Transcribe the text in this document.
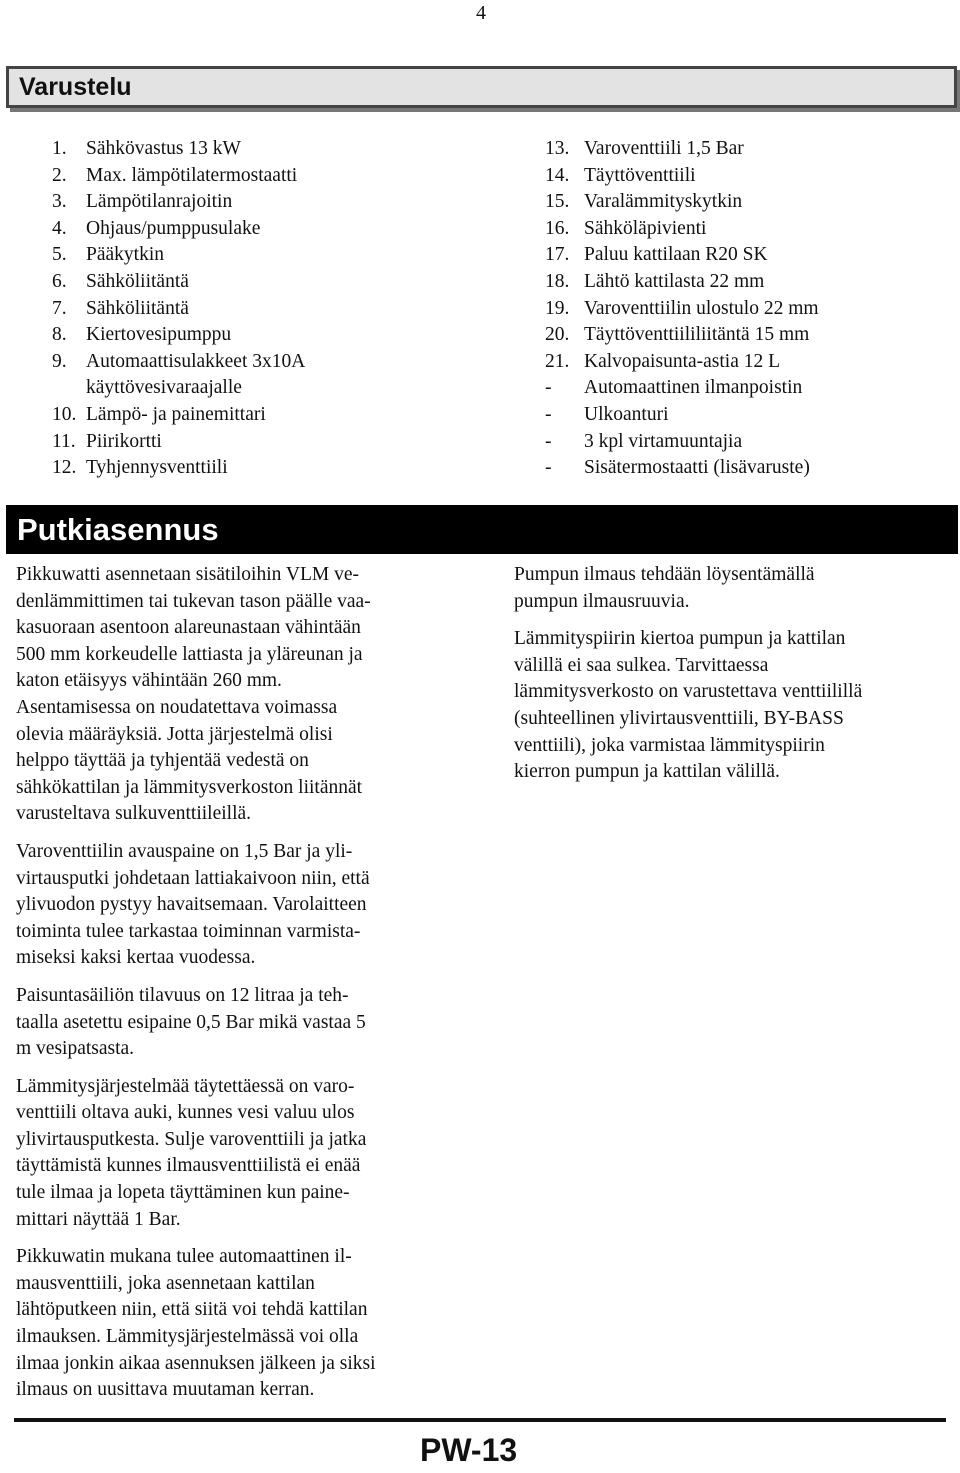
4
Varustelu
1. Sähkövastus 13 kW
2. Max. lämpötilatermostaatti
3. Lämpötilanrajoitin
4. Ohjaus/pumppusulake
5. Pääkytkin
6. Sähköliitäntä
7. Sähköliitäntä
8. Kiertovesipumppu
9. Automaattisulakkeet 3x10A
käyttövesivaraajalle
10. Lämpö- ja painemittari
11. Piirikortti
12. Tyhjennysventtiili
13. Varoventtiili 1,5 Bar
14. Täyttöventtiili
15. Varalämmityskytkin
16. Sähköläpivienti
17. Paluu kattilaan R20 SK
18. Lähtö kattilasta 22 mm
19. Varoventtiilin ulostulo 22 mm
20. Täyttöventtiililiitäntä 15 mm
21. Kalvopaisunta-astia 12 L
- Automaattinen ilmanpoistin
- Ulkoanturi
- 3 kpl virtamuuntajia
- Sisätermostaatti (lisävaruste)
Putkiasennus

Pikkuwatti asennetaan sisätiloihin VLM ve-
denlämmittimen tai tukevan tason päälle vaa-
kasuoraan asentoon alareunastaan vähintään
500 mm korkeudelle lattiasta ja yläreunan ja
katon etäisyys vähintään 260 mm.
Asentamisessa on noudatettava voimassa
olevia määräyksiä. Jotta järjestelmä olisi
helppo täyttää ja tyhjentää vedestä on
sähkökattilan ja lämmitysverkoston liitännät
varusteltava sulkuventtiileillä.

Varoventtiilin avauspaine on 1,5 Bar ja yli-
virtausputki johdetaan lattiakaivoon niin, että
ylivuodon pystyy havaitsemaan. Varolaitteen
toiminta tulee tarkastaa toiminnan varmista-
miseksi kaksi kertaa vuodessa.

Paisuntasäiliön tilavuus on 12 litraa ja teh-
taalla asetettu esipaine 0,5 Bar mikä vastaa 5
m vesipatsasta.

Lämmitysjärjestelmää täytettäessä on varo-
venttiili oltava auki, kunnes vesi valuu ulos
ylivirtausputkesta. Sulje varoventtiili ja jatka
täyttämistä kunnes ilmausventtiilistä ei enää
tule ilmaa ja lopeta täyttäminen kun paine-
mittari näyttää 1 Bar.

Pikkuwatin mukana tulee automaattinen il-
mausventtiili, joka asennetaan kattilan
lähtöputkeen niin, että siitä voi tehdä kattilan
ilmauksen. Lämmitysjärjestelmässä voi olla
ilmaa jonkin aikaa asennuksen jälkeen ja siksi
ilmaus on uusittava muutaman kerran.

Pumpun ilmaus tehdään löysentämällä
pumpun ilmausruuvia.

Lämmityspiirin kiertoa pumpun ja kattilan
välillä ei saa sulkea. Tarvittaessa
lämmitysverkosto on varustettava venttiilillä
(suhteellinen ylivirtausventtiili, BY-BASS
venttiili), joka varmistaa lämmityspiirin
kierron pumpun ja kattilan välillä.

PW-13
